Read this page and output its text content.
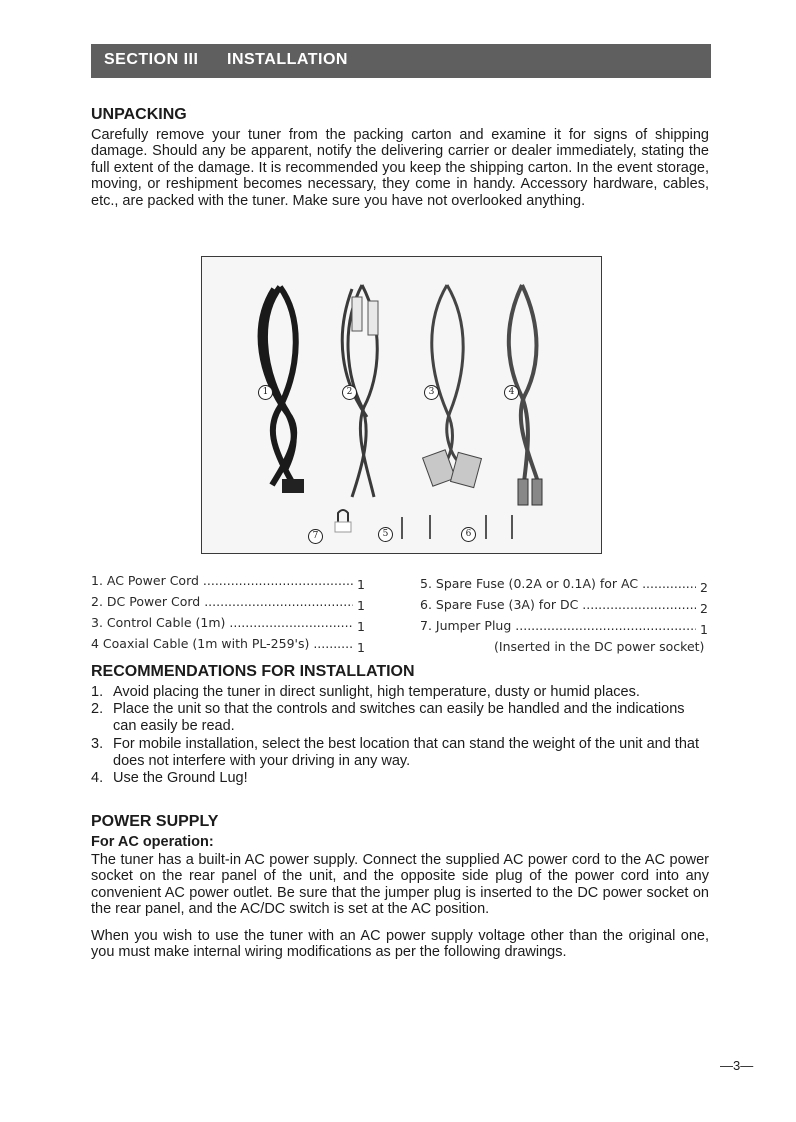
SECTION III INSTALLATION
UNPACKING
Carefully remove your tuner from the packing carton and examine it for signs of shipping damage. Should any be apparent, notify the delivering carrier or dealer immediately, stating the full extent of the damage. It is recommended you keep the shipping carton. In the event storage, moving, or reshipment becomes necessary, they come in handy. Accessory hardware, cables, etc., are packed with the tuner. Make sure you have not overlooked anything.
1	2	3	4
5	6
7
1. AC Power Cord .....	1
2. DC Power Cord .....	1
3. Control Cable (1m) .....	1
4 Coaxial Cable (1m with PL-259's) .....	1
5. Spare Fuse (0.2A or 0.1A) for AC .....	2
6. Spare Fuse (3A) for DC .....	2
7. Jumper Plug .....	1
(Inserted in the DC power socket)
RECOMMENDATIONS FOR INSTALLATION
1. Avoid placing the tuner in direct sunlight, high temperature, dusty or humid places.
2. Place the unit so that the controls and switches can easily be handled and the indications can easily be read.
3. For mobile installation, select the best location that can stand the weight of the unit and that does not interfere with your driving in any way.
4. Use the Ground Lug!
POWER SUPPLY
For AC operation:
The tuner has a built-in AC power supply. Connect the supplied AC power cord to the AC power socket on the rear panel of the unit, and the opposite side plug of the power cord into any convenient AC power outlet. Be sure that the jumper plug is inserted to the DC power socket on the rear panel, and the AC/DC switch is set at the AC position.
When you wish to use the tuner with an AC power supply voltage other than the original one, you must make internal wiring modifications as per the following drawings.
—3—
